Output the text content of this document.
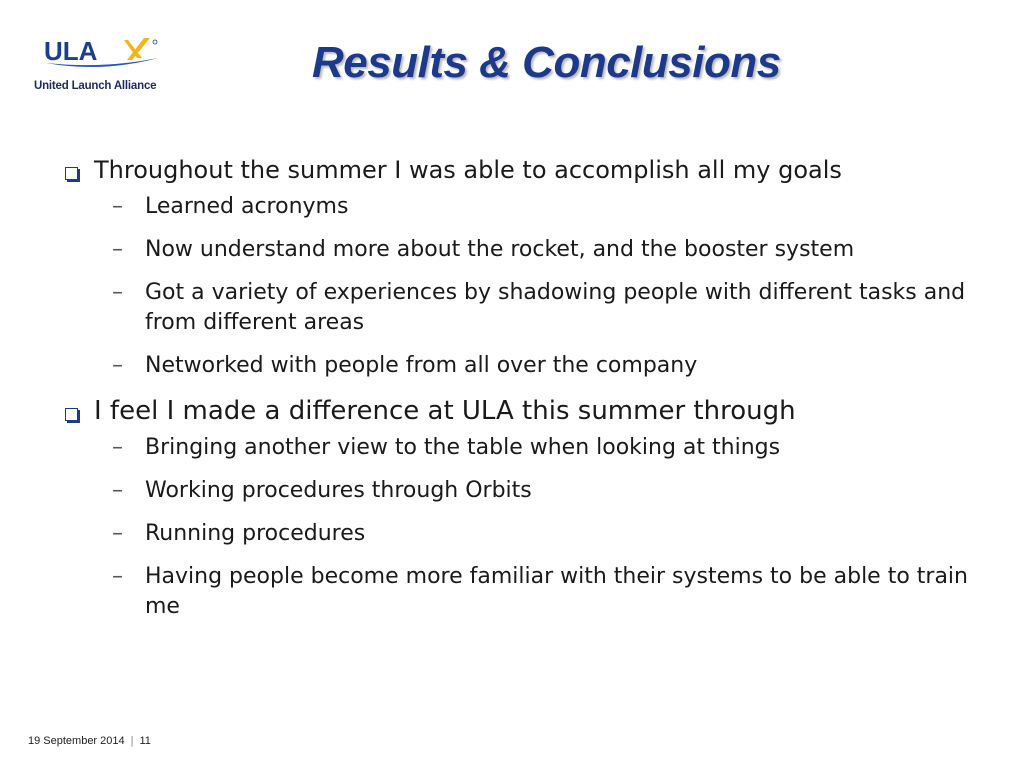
ULA
United Launch Alliance	Results & Conclusions
Throughout the summer I was able to accomplish all my goals
– Learned acronyms
– Now understand more about the rocket, and the booster system
– Got a variety of experiences by shadowing people with different tasks and from different areas
– Networked with people from all over the company
I feel I made a difference at ULA this summer through
– Bringing another view to the table when looking at things
– Working procedures through Orbits
– Running procedures
– Having people become more familiar with their systems to be able to train me
19 September 2014 | 11
